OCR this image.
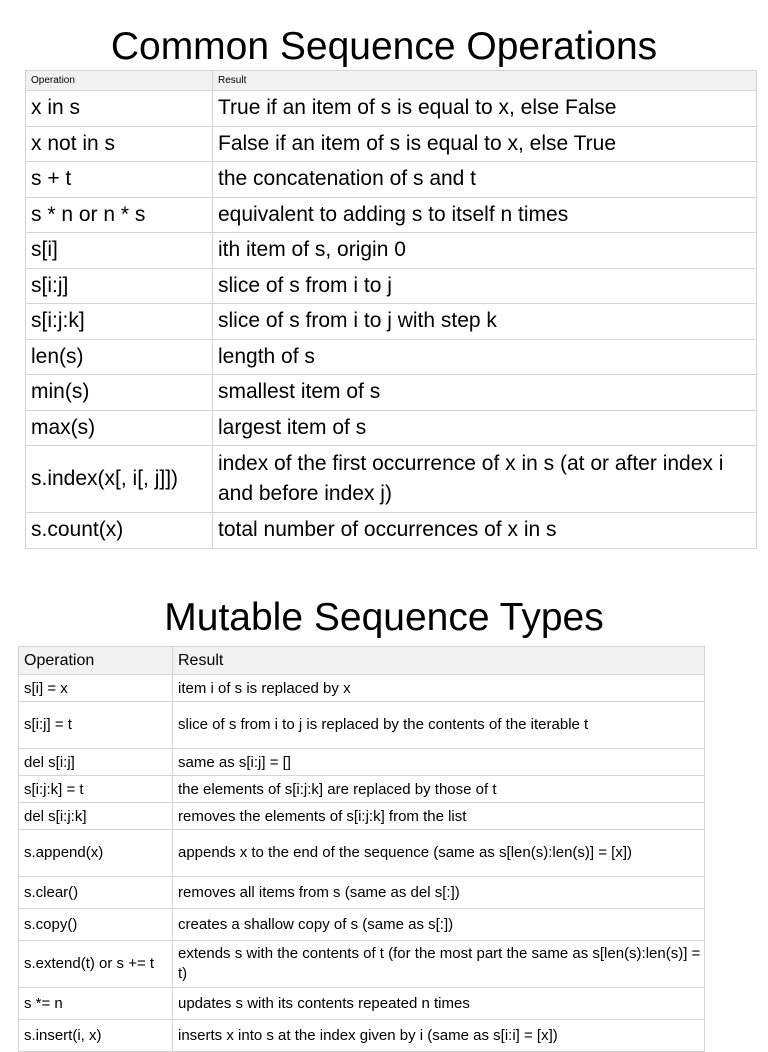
Common Sequence Operations
Operation	Result
x in s	True if an item of s is equal to x, else False
x not in s	False if an item of s is equal to x, else True
s + t	the concatenation of s and t
s * n or n * s	equivalent to adding s to itself n times
s[i]	ith item of s, origin 0
s[i:j]	slice of s from i to j
s[i:j:k]	slice of s from i to j with step k
len(s)	length of s
min(s)	smallest item of s
max(s)	largest item of s
s.index(x[, i[, j]])	index of the first occurrence of x in s (at or after index i and before index j)
s.count(x)	total number of occurrences of x in s
Mutable Sequence Types
Operation	Result
s[i] = x	item i of s is replaced by x
s[i:j] = t	slice of s from i to j is replaced by the contents of the iterable t
del s[i:j]	same as s[i:j] = []
s[i:j:k] = t	the elements of s[i:j:k] are replaced by those of t
del s[i:j:k]	removes the elements of s[i:j:k] from the list
s.append(x)	appends x to the end of the sequence (same as s[len(s):len(s)] = [x])
s.clear()	removes all items from s (same as del s[:])
s.copy()	creates a shallow copy of s (same as s[:])
s.extend(t) or s += t	extends s with the contents of t (for the most part the same as s[len(s):len(s)] = t)
s *= n	updates s with its contents repeated n times
s.insert(i, x)	inserts x into s at the index given by i (same as s[i:i] = [x])
